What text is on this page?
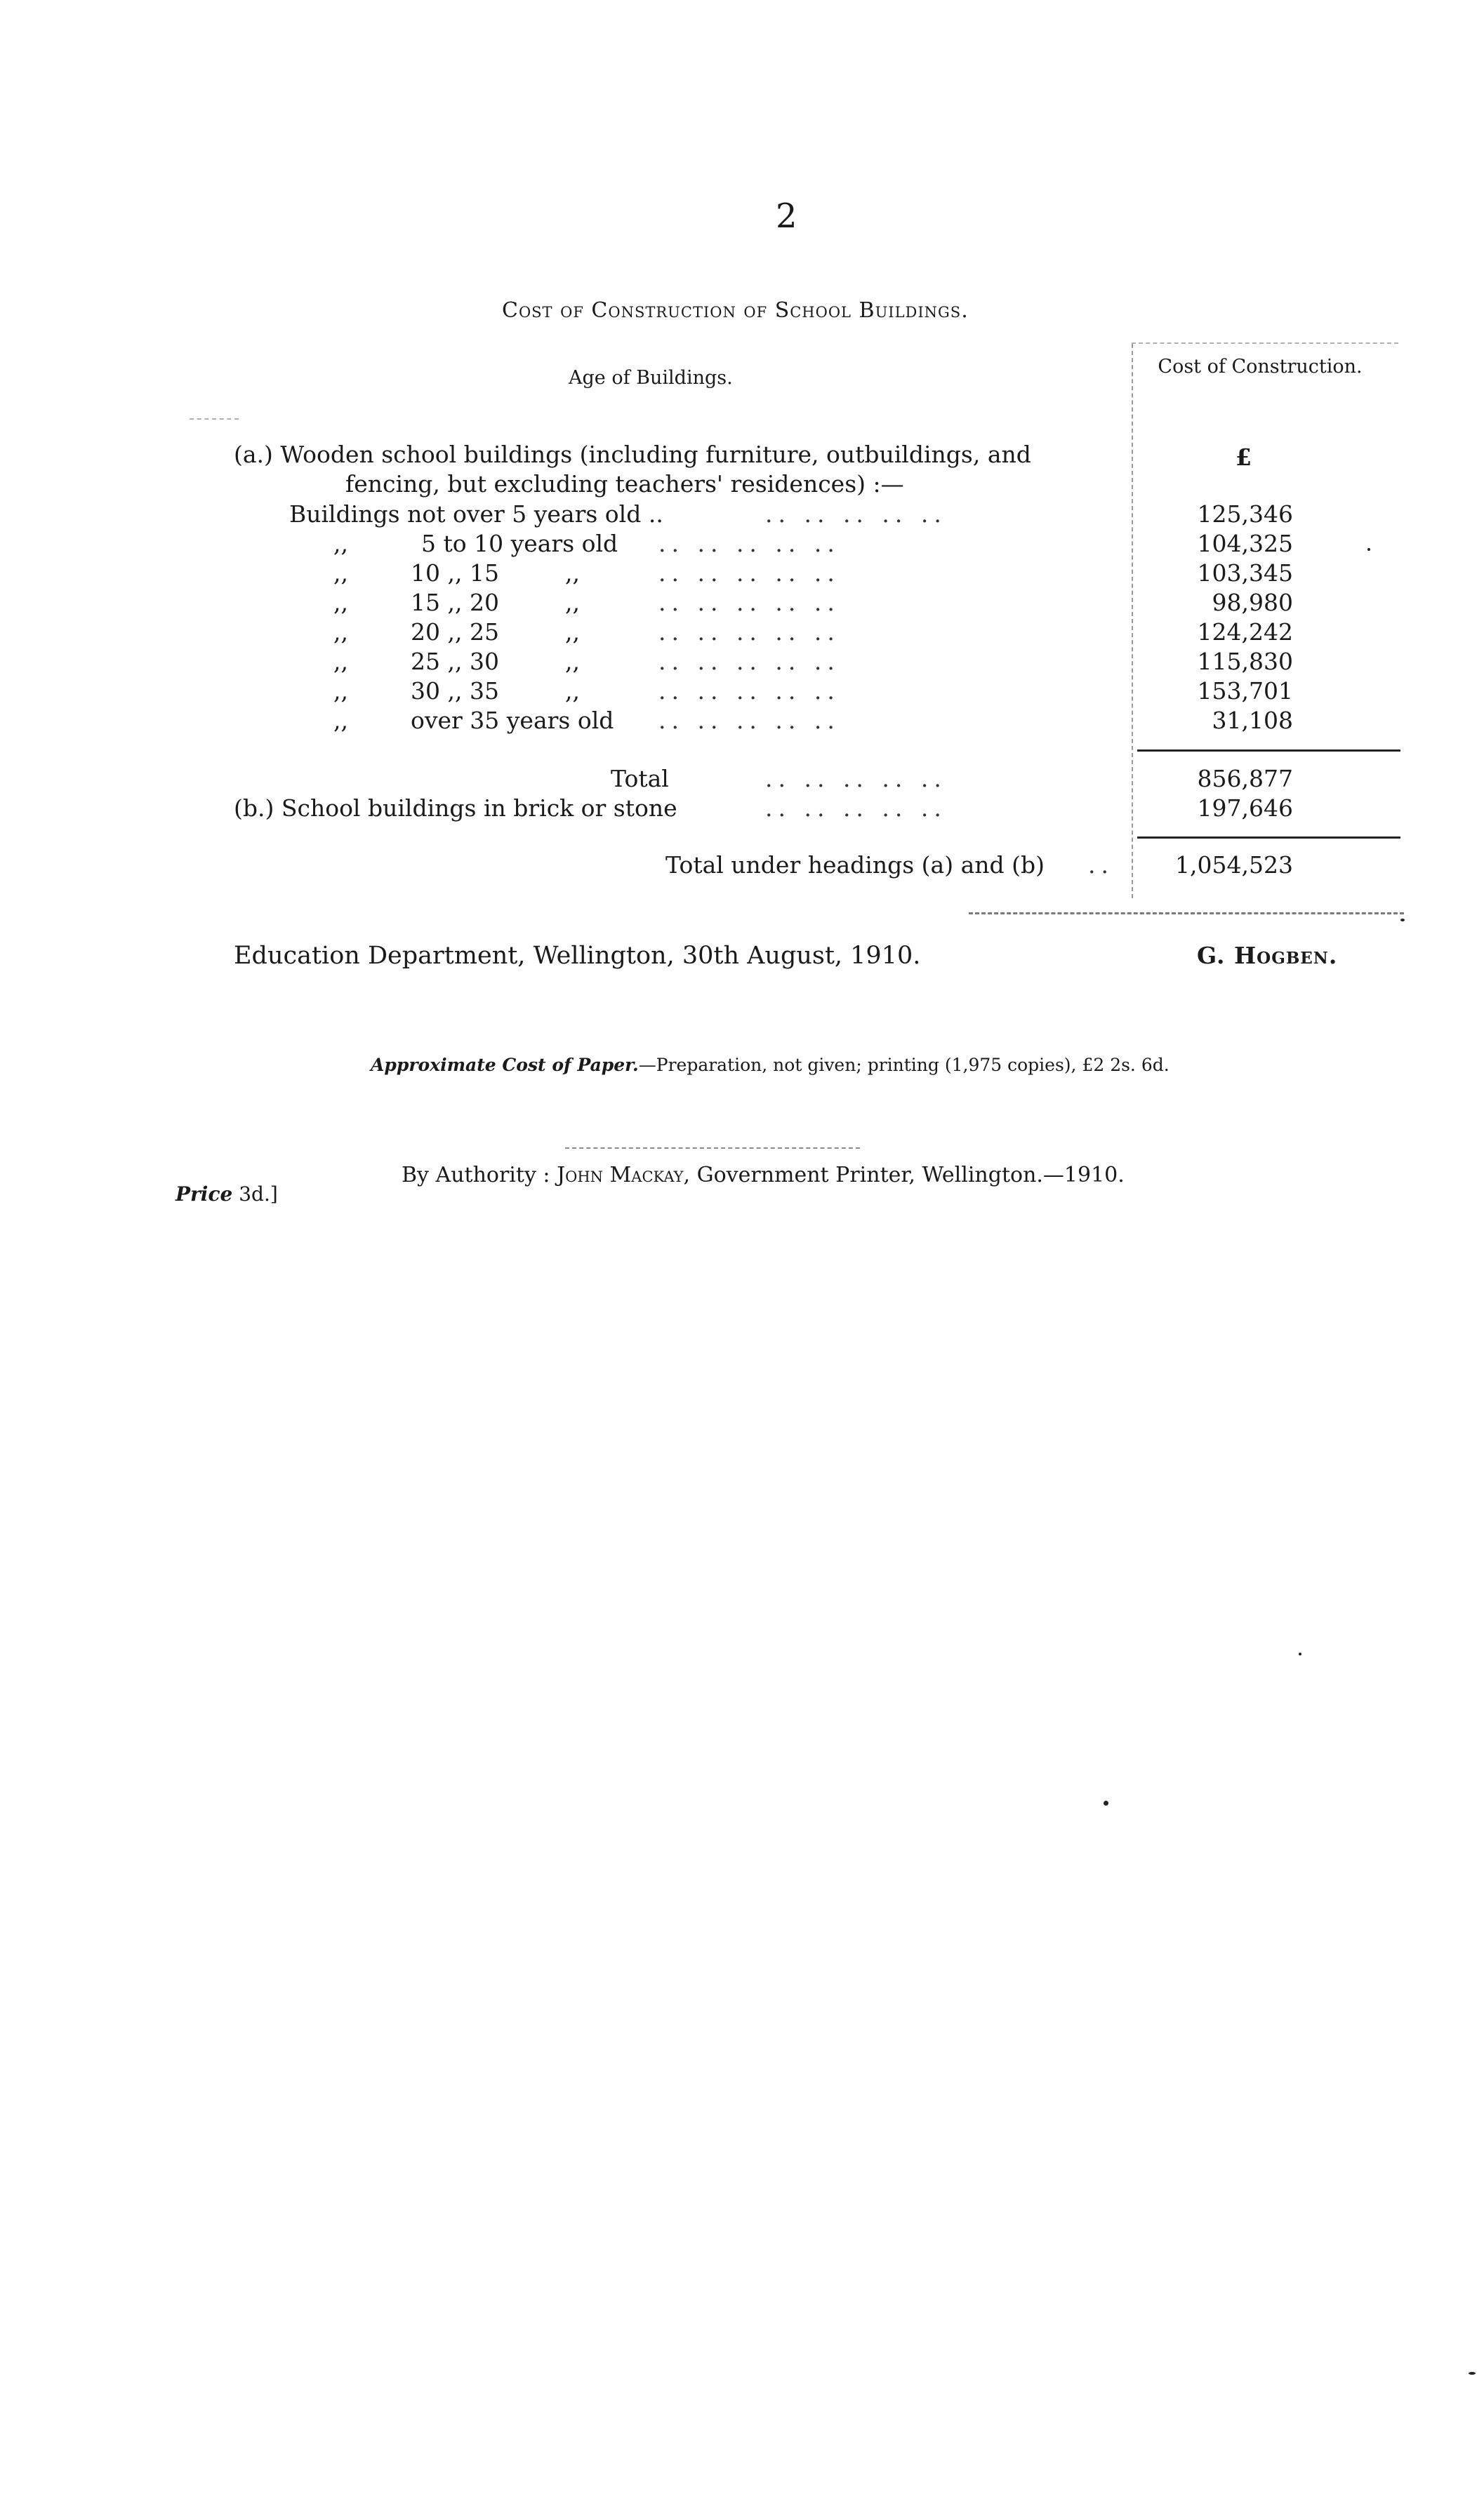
2
Cost of Construction of School Buildings.
Age of Buildings.
Cost of Construction.
(a.) Wooden school buildings (including furniture, outbuildings, and
fencing, but excluding teachers' residences) :—
£
Buildings not over 5 years old ..	.. .. .. .. ..	125,346
,,	5 to 10 years old .. .. .. .. ..	104,325
,,	10 ,, 15	,,	.. .. .. .. ..	103,345
,,	15 ,, 20	,,	.. .. .. .. ..	98,980
,,	20 ,, 25	,,	.. .. .. .. ..	124,242
,,	25 ,, 30	,,	.. .. .. .. ..	115,830
,,	30 ,, 35	,,	.. .. .. .. ..	153,701
,,	over 35 years old .. .. .. .. ..	31,108
Total	.. .. .. .. ..	856,877
(b.) School buildings in brick or stone	.. .. .. .. ..	197,646
Total under headings (a) and (b) ..	1,054,523
Education Department, Wellington, 30th August, 1910.	G. Hogben.
Approximate Cost of Paper.—Preparation, not given; printing (1,975 copies), £2 2s. 6d.
By Authority : John Mackay, Government Printer, Wellington.—1910.
Price 3d.]
